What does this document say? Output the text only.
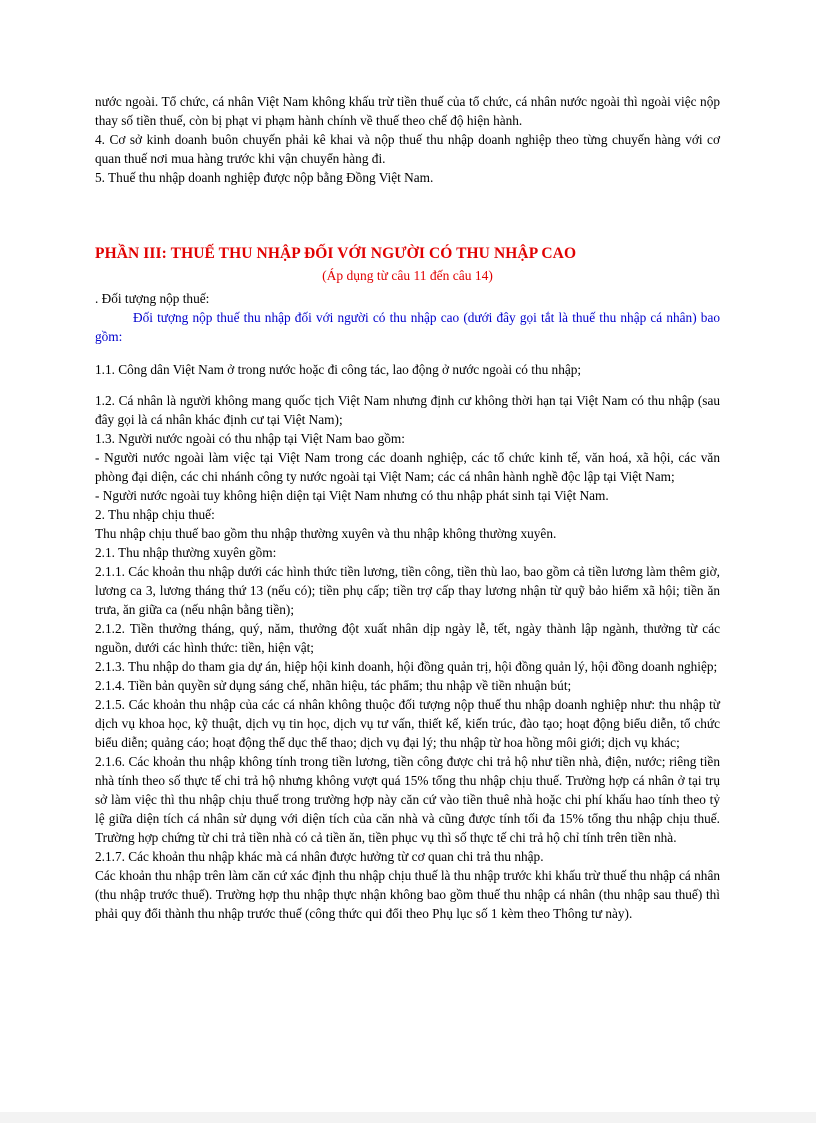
nước ngoài. Tổ chức, cá nhân Việt Nam không khấu trừ tiền thuế của tổ chức, cá nhân nước ngoài thì ngoài việc nộp thay số tiền thuế, còn bị phạt vi phạm hành chính về thuế theo chế độ hiện hành.

4. Cơ sở kinh doanh buôn chuyến phải kê khai và nộp thuế thu nhập doanh nghiệp theo từng chuyến hàng với cơ quan thuế nơi mua hàng trước khi vận chuyển hàng đi.

5. Thuế thu nhập doanh nghiệp được nộp bằng Đồng Việt Nam.

PHẦN III: THUẾ THU NHẬP ĐỐI VỚI NGƯỜI CÓ THU NHẬP CAO

(Áp dụng từ câu 11 đến câu 14)

. Đối tượng nộp thuế:

Đối tượng nộp thuế thu nhập đối với người có thu nhập cao (dưới đây gọi tắt là thuế thu nhập cá nhân) bao gồm:

1.1. Công dân Việt Nam ở trong nước hoặc đi công tác, lao động ở nước ngoài có thu nhập;

1.2. Cá nhân là người không mang quốc tịch Việt Nam nhưng định cư không thời hạn tại Việt Nam có thu nhập (sau đây gọi là cá nhân khác định cư tại Việt Nam);

1.3. Người nước ngoài có thu nhập tại Việt Nam bao gồm:

- Người nước ngoài làm việc tại Việt Nam trong các doanh nghiệp, các tổ chức kinh tế, văn hoá, xã hội, các văn phòng đại diện, các chi nhánh công ty nước ngoài tại Việt Nam; các cá nhân hành nghề độc lập tại Việt Nam;

- Người nước ngoài tuy không hiện diện tại Việt Nam nhưng có thu nhập phát sinh tại Việt Nam.

2. Thu nhập chịu thuế:

Thu nhập chịu thuế bao gồm thu nhập thường xuyên và thu nhập không thường xuyên.

2.1. Thu nhập thường xuyên gồm:

2.1.1. Các khoản thu nhập dưới các hình thức tiền lương, tiền công, tiền thù lao, bao gồm cả tiền lương làm thêm giờ, lương ca 3, lương tháng thứ 13 (nếu có); tiền phụ cấp; tiền trợ cấp thay lương nhận từ quỹ bảo hiểm xã hội; tiền ăn trưa, ăn giữa ca (nếu nhận bằng tiền);

2.1.2. Tiền thưởng tháng, quý, năm, thưởng đột xuất nhân dịp ngày lễ, tết, ngày thành lập ngành, thưởng từ các nguồn, dưới các hình thức: tiền, hiện vật;

2.1.3. Thu nhập do tham gia dự án, hiệp hội kinh doanh, hội đồng quản trị, hội đồng quản lý, hội đồng doanh nghiệp;

2.1.4. Tiền bản quyền sử dụng sáng chế, nhãn hiệu, tác phẩm; thu nhập về tiền nhuận bút;

2.1.5. Các khoản thu nhập của các cá nhân không thuộc đối tượng nộp thuế thu nhập doanh nghiệp như: thu nhập từ dịch vụ khoa học, kỹ thuật, dịch vụ tin học, dịch vụ tư vấn, thiết kế, kiến trúc, đào tạo; hoạt động biểu diễn, tổ chức biểu diễn; quảng cáo; hoạt động thể dục thể thao; dịch vụ đại lý; thu nhập từ hoa hồng môi giới; dịch vụ khác;

2.1.6. Các khoản thu nhập không tính trong tiền lương, tiền công được chi trả hộ như tiền nhà, điện, nước; riêng tiền nhà tính theo số thực tế chi trả hộ nhưng không vượt quá 15% tổng thu nhập chịu thuế. Trường hợp cá nhân ở tại trụ sở làm việc thì thu nhập chịu thuế trong trường hợp này căn cứ vào tiền thuê nhà hoặc chi phí khấu hao tính theo tỷ lệ giữa diện tích cá nhân sử dụng với diện tích của căn nhà và cũng được tính tối đa 15% tổng thu nhập chịu thuế. Trường hợp chứng từ chi trả tiền nhà có cả tiền ăn, tiền phục vụ thì số thực tế chi trả hộ chỉ tính trên tiền nhà.

2.1.7. Các khoản thu nhập khác mà cá nhân được hưởng từ cơ quan chi trả thu nhập.

Các khoản thu nhập trên làm căn cứ xác định thu nhập chịu thuế là thu nhập trước khi khấu trừ thuế thu nhập cá nhân (thu nhập trước thuế). Trường hợp thu nhập thực nhận không bao gồm thuế thu nhập cá nhân (thu nhập sau thuế) thì phải quy đổi thành thu nhập trước thuế (công thức qui đổi theo Phụ lục số 1 kèm theo Thông tư này).
